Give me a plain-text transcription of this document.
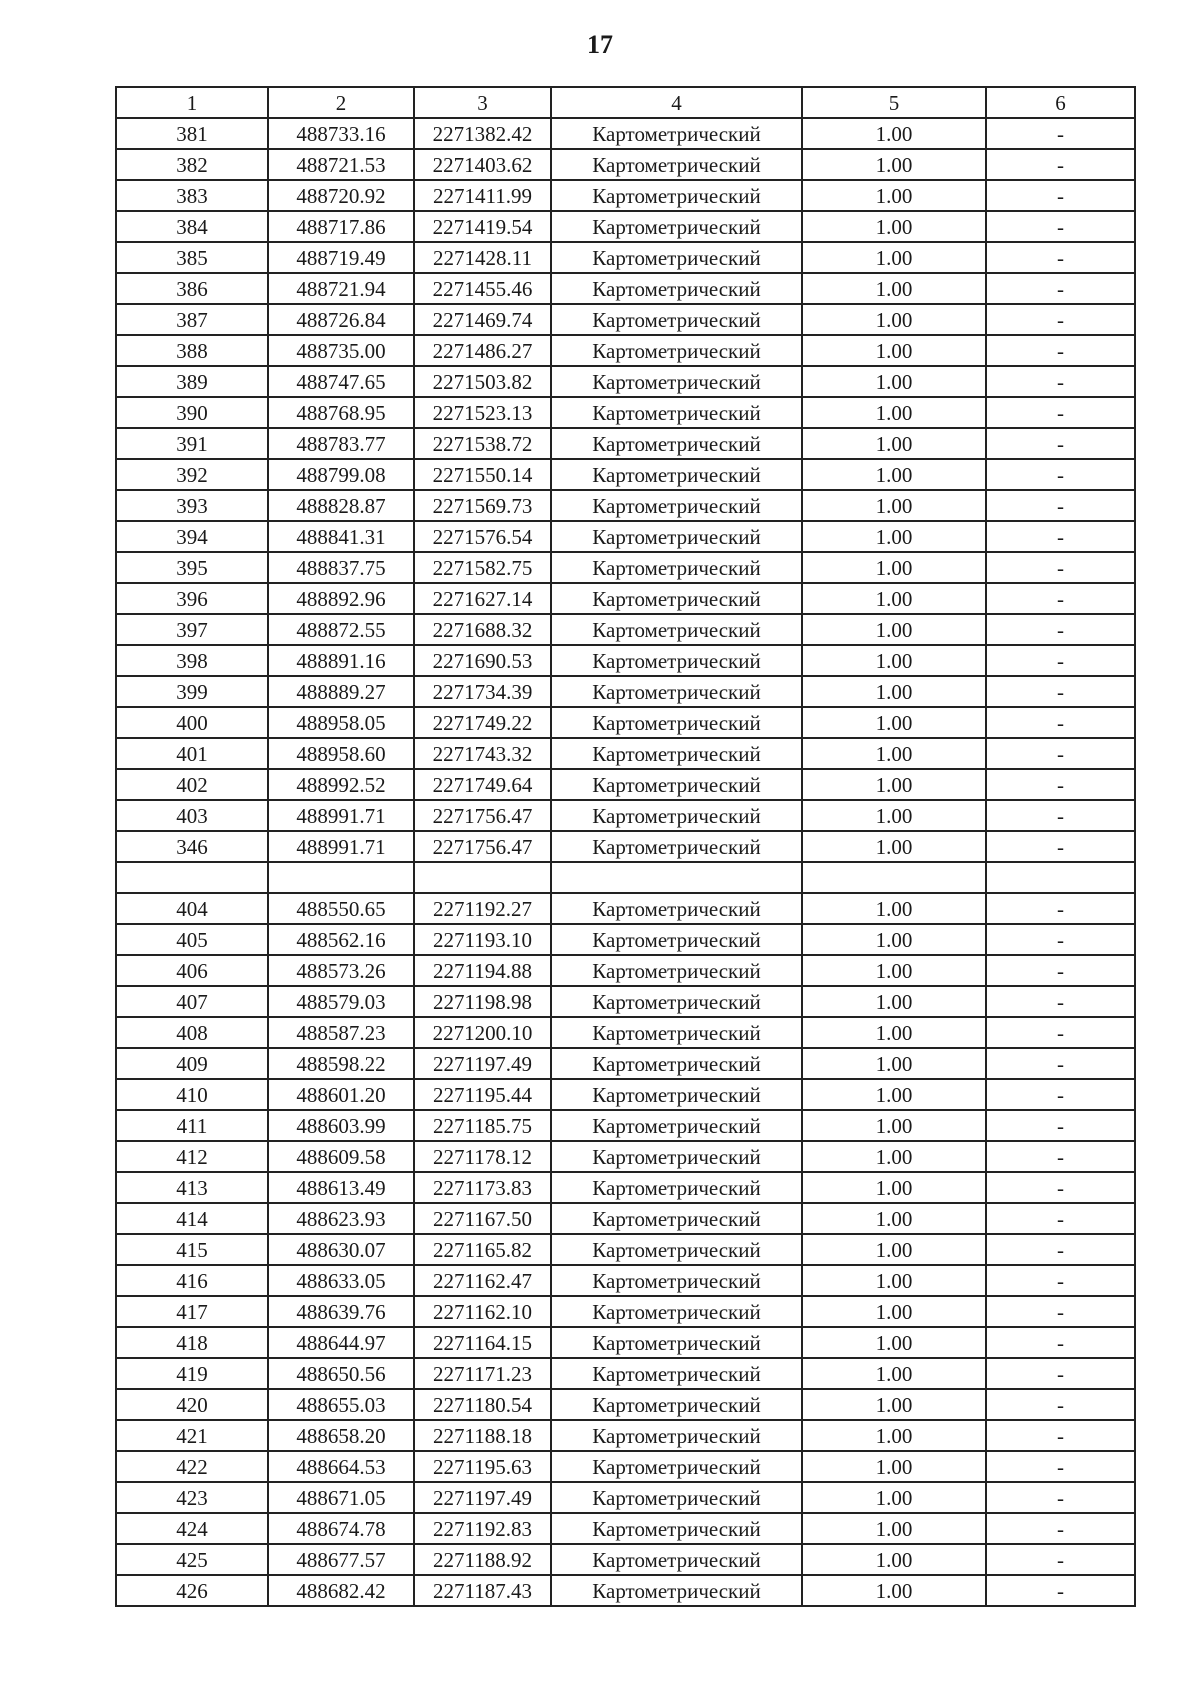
17
1	2	3	4	5	6
381	488733.16	2271382.42	Картометрический	1.00	-
382	488721.53	2271403.62	Картометрический	1.00	-
383	488720.92	2271411.99	Картометрический	1.00	-
384	488717.86	2271419.54	Картометрический	1.00	-
385	488719.49	2271428.11	Картометрический	1.00	-
386	488721.94	2271455.46	Картометрический	1.00	-
387	488726.84	2271469.74	Картометрический	1.00	-
388	488735.00	2271486.27	Картометрический	1.00	-
389	488747.65	2271503.82	Картометрический	1.00	-
390	488768.95	2271523.13	Картометрический	1.00	-
391	488783.77	2271538.72	Картометрический	1.00	-
392	488799.08	2271550.14	Картометрический	1.00	-
393	488828.87	2271569.73	Картометрический	1.00	-
394	488841.31	2271576.54	Картометрический	1.00	-
395	488837.75	2271582.75	Картометрический	1.00	-
396	488892.96	2271627.14	Картометрический	1.00	-
397	488872.55	2271688.32	Картометрический	1.00	-
398	488891.16	2271690.53	Картометрический	1.00	-
399	488889.27	2271734.39	Картометрический	1.00	-
400	488958.05	2271749.22	Картометрический	1.00	-
401	488958.60	2271743.32	Картометрический	1.00	-
402	488992.52	2271749.64	Картометрический	1.00	-
403	488991.71	2271756.47	Картометрический	1.00	-
346	488991.71	2271756.47	Картометрический	1.00	-

404	488550.65	2271192.27	Картометрический	1.00	-
405	488562.16	2271193.10	Картометрический	1.00	-
406	488573.26	2271194.88	Картометрический	1.00	-
407	488579.03	2271198.98	Картометрический	1.00	-
408	488587.23	2271200.10	Картометрический	1.00	-
409	488598.22	2271197.49	Картометрический	1.00	-
410	488601.20	2271195.44	Картометрический	1.00	-
411	488603.99	2271185.75	Картометрический	1.00	-
412	488609.58	2271178.12	Картометрический	1.00	-
413	488613.49	2271173.83	Картометрический	1.00	-
414	488623.93	2271167.50	Картометрический	1.00	-
415	488630.07	2271165.82	Картометрический	1.00	-
416	488633.05	2271162.47	Картометрический	1.00	-
417	488639.76	2271162.10	Картометрический	1.00	-
418	488644.97	2271164.15	Картометрический	1.00	-
419	488650.56	2271171.23	Картометрический	1.00	-
420	488655.03	2271180.54	Картометрический	1.00	-
421	488658.20	2271188.18	Картометрический	1.00	-
422	488664.53	2271195.63	Картометрический	1.00	-
423	488671.05	2271197.49	Картометрический	1.00	-
424	488674.78	2271192.83	Картометрический	1.00	-
425	488677.57	2271188.92	Картометрический	1.00	-
426	488682.42	2271187.43	Картометрический	1.00	-
